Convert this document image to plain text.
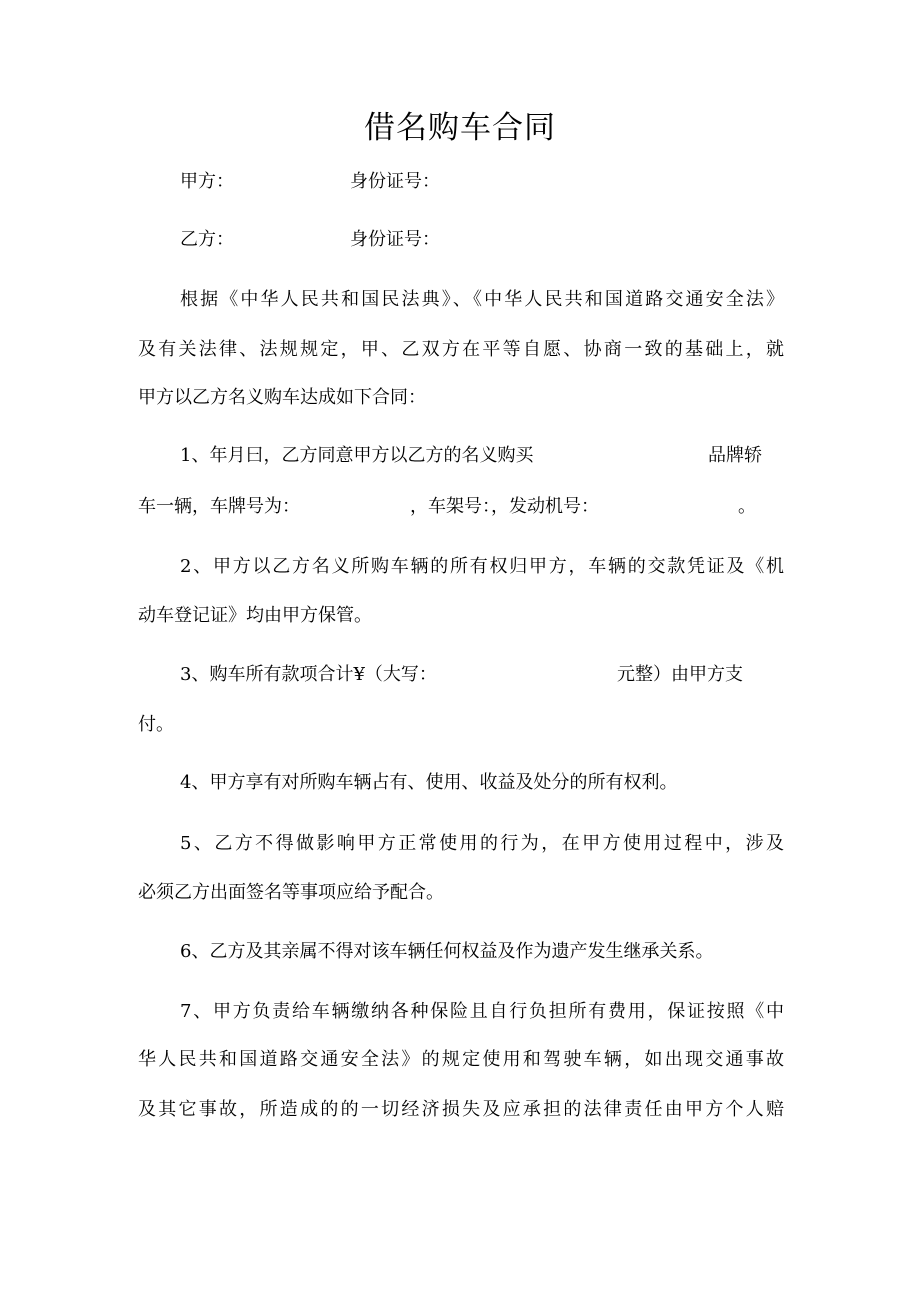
借名购车合同
甲方：	身份证号：
乙方：	身份证号：
根据《中华人民共和国民法典》、《中华人民共和国道路交通安全法》
及有关法律、法规规定，甲、乙双方在平等自愿、协商一致的基础上，就
甲方以乙方名义购车达成如下合同：
1、年月曰，乙方同意甲方以乙方的名义购买	品牌轿
车一辆，车牌号为：	，车架号：，发动机号：	。
2、甲方以乙方名义所购车辆的所有权归甲方，车辆的交款凭证及《机
动车登记证》均由甲方保管。
3、购车所有款项合计¥（大写：	元整）由甲方支
付。
4、甲方享有对所购车辆占有、使用、收益及处分的所有权利。
5、乙方不得做影响甲方正常使用的行为，在甲方使用过程中，涉及
必须乙方出面签名等事项应给予配合。
6、乙方及其亲属不得对该车辆任何权益及作为遗产发生继承关系。
7、甲方负责给车辆缴纳各种保险且自行负担所有费用，保证按照《中
华人民共和国道路交通安全法》的规定使用和驾驶车辆，如出现交通事故
及其它事故，所造成的的一切经济损失及应承担的法律责任由甲方个人赔
